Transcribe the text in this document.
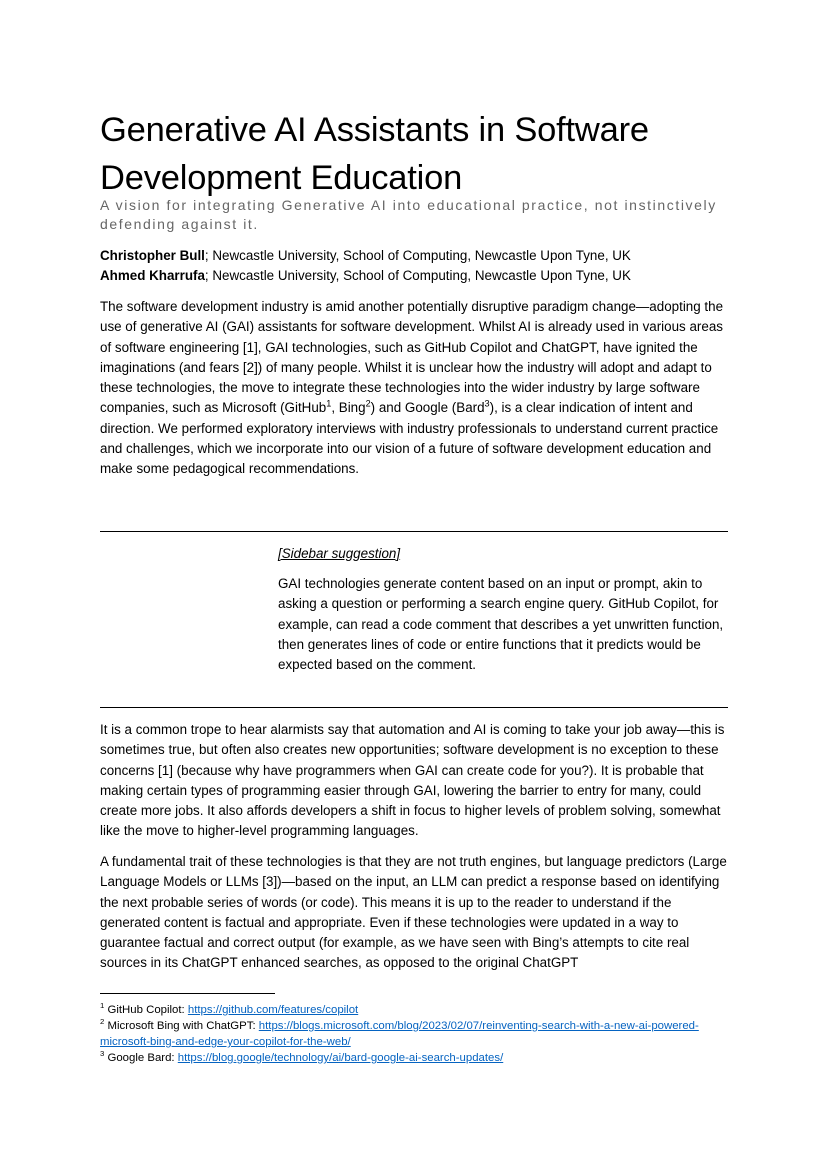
Generative AI Assistants in Software Development Education
A vision for integrating Generative AI into educational practice, not instinctively defending against it.
Christopher Bull; Newcastle University, School of Computing, Newcastle Upon Tyne, UK
Ahmed Kharrufa; Newcastle University, School of Computing, Newcastle Upon Tyne, UK

The software development industry is amid another potentially disruptive paradigm change—adopting the use of generative AI (GAI) assistants for software development. Whilst AI is already used in various areas of software engineering [1], GAI technologies, such as GitHub Copilot and ChatGPT, have ignited the imaginations (and fears [2]) of many people. Whilst it is unclear how the industry will adopt and adapt to these technologies, the move to integrate these technologies into the wider industry by large software companies, such as Microsoft (GitHub$^1$, Bing$^2$) and Google (Bard$^3$), is a clear indication of intent and direction. We performed exploratory interviews with industry professionals to understand current practice and challenges, which we incorporate into our vision of a future of software development education and make some pedagogical recommendations.

[Sidebar suggestion]

GAI technologies generate content based on an input or prompt, akin to asking a question or performing a search engine query. GitHub Copilot, for example, can read a code comment that describes a yet unwritten function, then generates lines of code or entire functions that it predicts would be expected based on the comment.

It is a common trope to hear alarmists say that automation and AI is coming to take your job away—this is sometimes true, but often also creates new opportunities; software development is no exception to these concerns [1] (because why have programmers when GAI can create code for you?). It is probable that making certain types of programming easier through GAI, lowering the barrier to entry for many, could create more jobs. It also affords developers a shift in focus to higher levels of problem solving, somewhat like the move to higher-level programming languages.

A fundamental trait of these technologies is that they are not truth engines, but language predictors (Large Language Models or LLMs [3])—based on the input, an LLM can predict a response based on identifying the next probable series of words (or code). This means it is up to the reader to understand if the generated content is factual and appropriate. Even if these technologies were updated in a way to guarantee factual and correct output (for example, as we have seen with Bing’s attempts to cite real sources in its ChatGPT enhanced searches, as opposed to the original ChatGPT

$^1$ GitHub Copilot: https://github.com/features/copilot

$^2$ Microsoft Bing with ChatGPT: https://blogs.microsoft.com/blog/2023/02/07/reinventing-search-with-a-new-ai-powered-microsoft-bing-and-edge-your-copilot-for-the-web/

$^3$ Google Bard: https://blog.google/technology/ai/bard-google-ai-search-updates/
